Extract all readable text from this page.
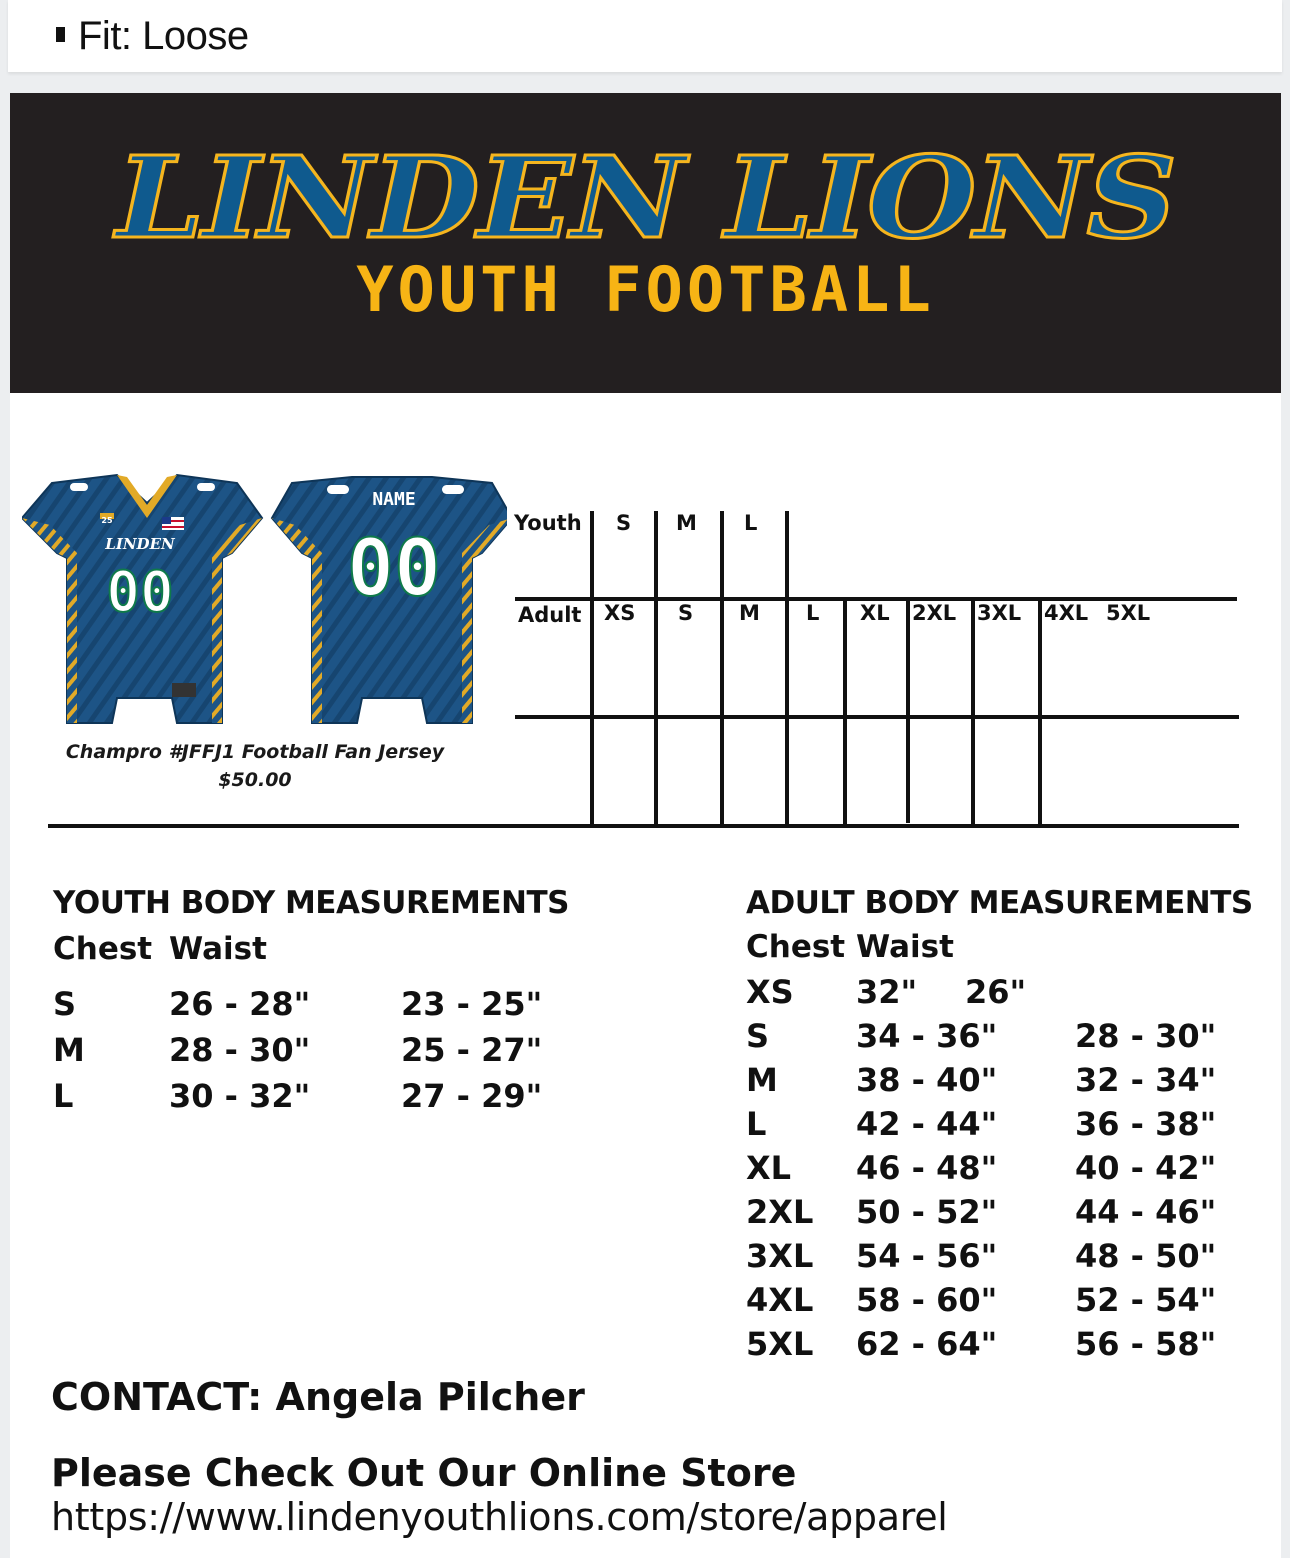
Fit: Loose
LINDEN LIONS
YOUTH FOOTBALL
25
LINDEN
00
NAME
00
Champro #JFFJ1 Football Fan Jersey
$50.00
Youth S M L
Adult XS S M L XL 2XL 3XL 4XL 5XL
YOUTH BODY MEASUREMENTS
Chest Waist
S	26 - 28"	23 - 25"
M	28 - 30"	25 - 27"
L	30 - 32"	27 - 29"
ADULT BODY MEASUREMENTS
Chest Waist
XS 32" 26"
S	34 - 36" 28 - 30"
M 38 - 40" 32 - 34"
L	42 - 44" 36 - 38"
XL 46 - 48" 40 - 42"
2XL 50 - 52" 44 - 46"
3XL 54 - 56" 48 - 50"
4XL 58 - 60" 52 - 54"
5XL 62 - 64" 56 - 58"
CONTACT: Angela Pilcher
Please Check Out Our Online Store
https://www.lindenyouthlions.com/store/apparel
